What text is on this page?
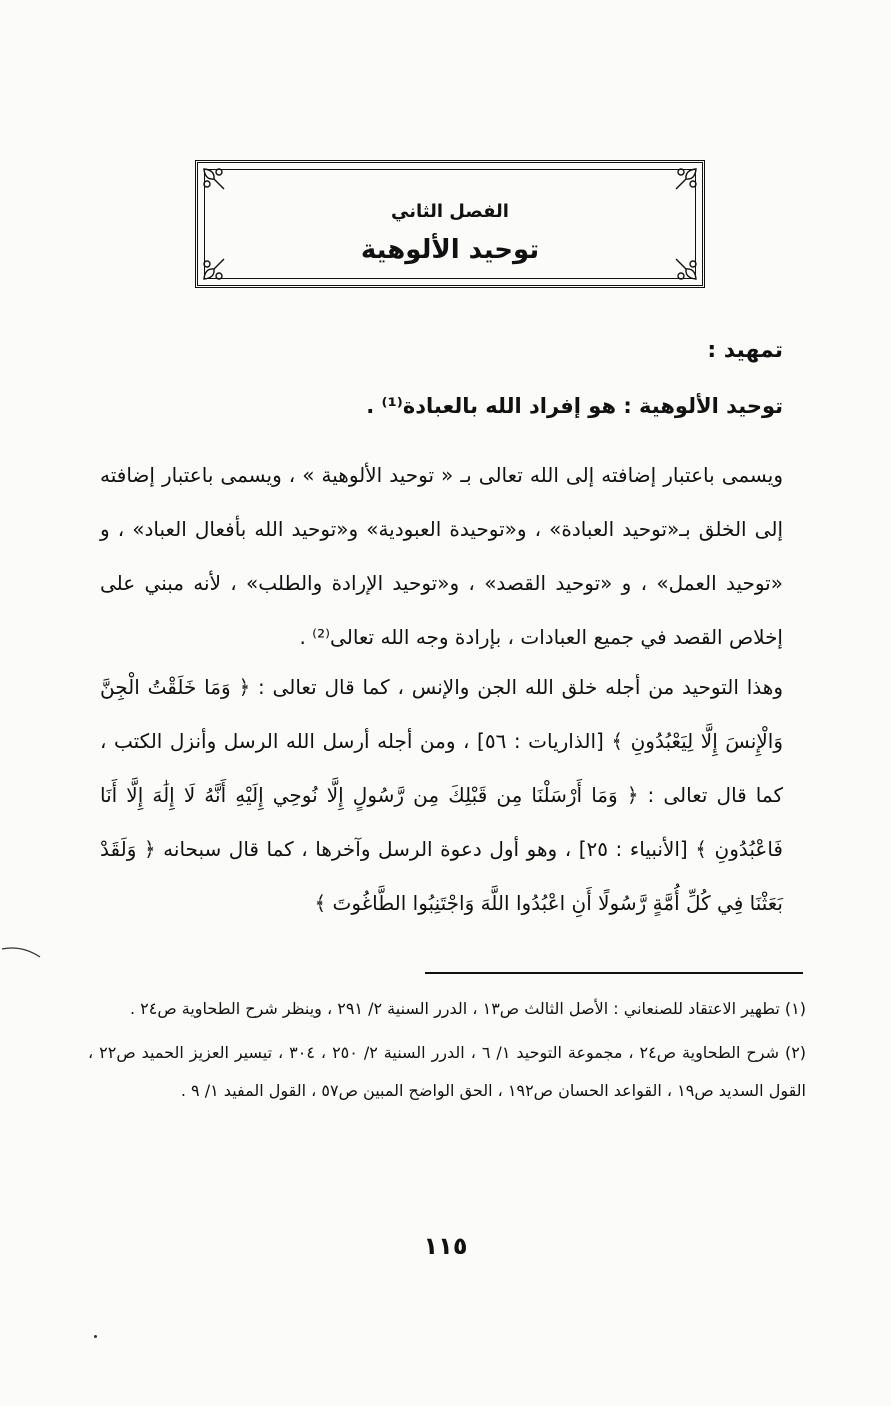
الفصل الثاني
توحيد الألوهية
تمهيد :
توحيد الألوهية : هو إفراد الله بالعبادة⁽¹⁾ .
ويسمى باعتبار إضافته إلى الله تعالى بـ « توحيد الألوهية » ، ويسمى باعتبار إضافته إلى الخلق بـ«توحيد العبادة» ، و«توحيدة العبودية» و«توحيد الله بأفعال العباد» ، و «توحيد العمل» ، و «توحيد القصد» ، و«توحيد الإرادة والطلب» ، لأنه مبني على إخلاص القصد في جميع العبادات ، بإرادة وجه الله تعالى⁽²⁾ .
وهذا التوحيد من أجله خلق الله الجن والإنس ، كما قال تعالى : ﴿ وَمَا خَلَقْتُ الْجِنَّ وَالْإِنسَ إِلَّا لِيَعْبُدُونِ ﴾ [الذاريات : ٥٦] ، ومن أجله أرسل الله الرسل وأنزل الكتب ، كما قال تعالى : ﴿ وَمَا أَرْسَلْنَا مِن قَبْلِكَ مِن رَّسُولٍ إِلَّا نُوحِي إِلَيْهِ أَنَّهُ لَا إِلَٰهَ إِلَّا أَنَا فَاعْبُدُونِ ﴾ [الأنبياء : ٢٥] ، وهو أول دعوة الرسل وآخرها ، كما قال سبحانه ﴿ وَلَقَدْ بَعَثْنَا فِي كُلِّ أُمَّةٍ رَّسُولًا أَنِ اعْبُدُوا اللَّهَ وَاجْتَنِبُوا الطَّاغُوتَ ﴾
(١) تطهير الاعتقاد للصنعاني : الأصل الثالث ص١٣ ، الدرر السنية ٢/ ٢٩١ ، وينظر شرح الطحاوية ص٢٤ .
(٢) شرح الطحاوية ص٢٤ ، مجموعة التوحيد ١/ ٦ ، الدرر السنية ٢/ ٢٥٠ ، ٣٠٤ ، تيسير العزيز الحميد ص٢٢ ، القول السديد ص١٩ ، القواعد الحسان ص١٩٢ ، الحق الواضح المبين ص٥٧ ، القول المفيد ١/ ٩ .
١١٥
